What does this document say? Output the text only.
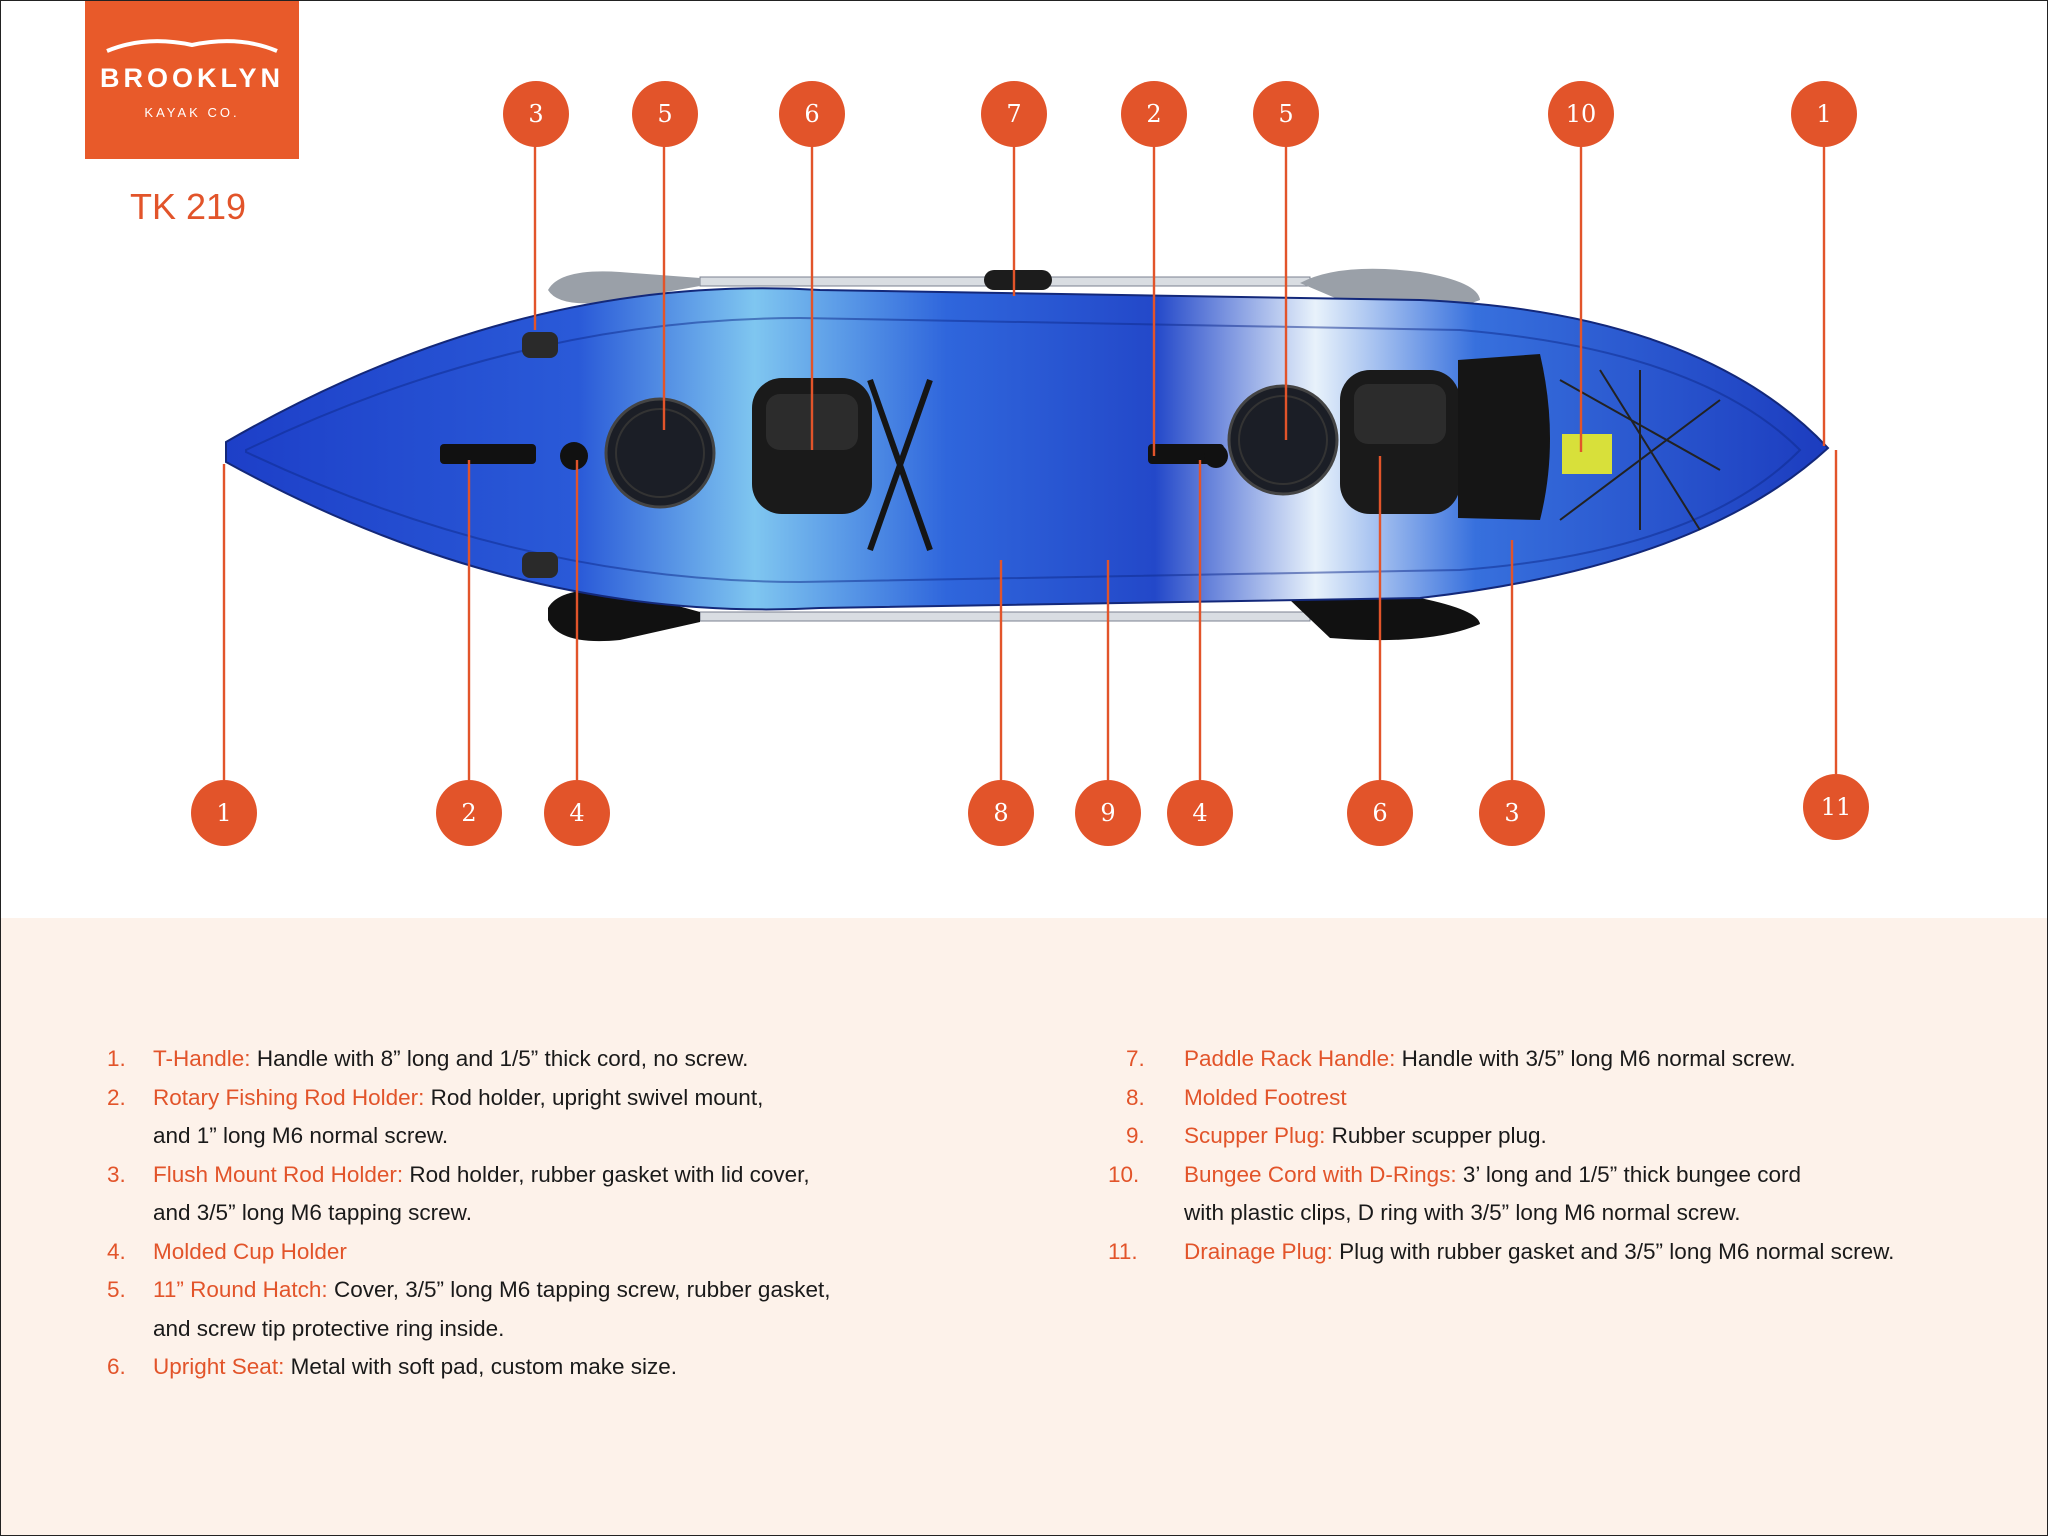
3	5	6	7	2	5	10	1
1	2	4	8	9	4	6	3	11
BROOKLYN
KAYAK CO.
TK 219
1. T-Handle: Handle with 8” long and 1/5” thick cord, no screw.
2. Rotary Fishing Rod Holder: Rod holder, upright swivel mount,
and 1” long M6 normal screw.
3. Flush Mount Rod Holder: Rod holder, rubber gasket with lid cover,
and 3/5” long M6 tapping screw.
4. Molded Cup Holder
5. 11” Round Hatch: Cover, 3/5” long M6 tapping screw, rubber gasket,
and screw tip protective ring inside.
6. Upright Seat: Metal with soft pad, custom make size.
7. Paddle Rack Handle: Handle with 3/5” long M6 normal screw.
8. Molded Footrest
9. Scupper Plug: Rubber scupper plug.
10. Bungee Cord with D-Rings: 3’ long and 1/5” thick bungee cord
with plastic clips, D ring with 3/5” long M6 normal screw.
11. Drainage Plug: Plug with rubber gasket and 3/5” long M6 normal screw.
